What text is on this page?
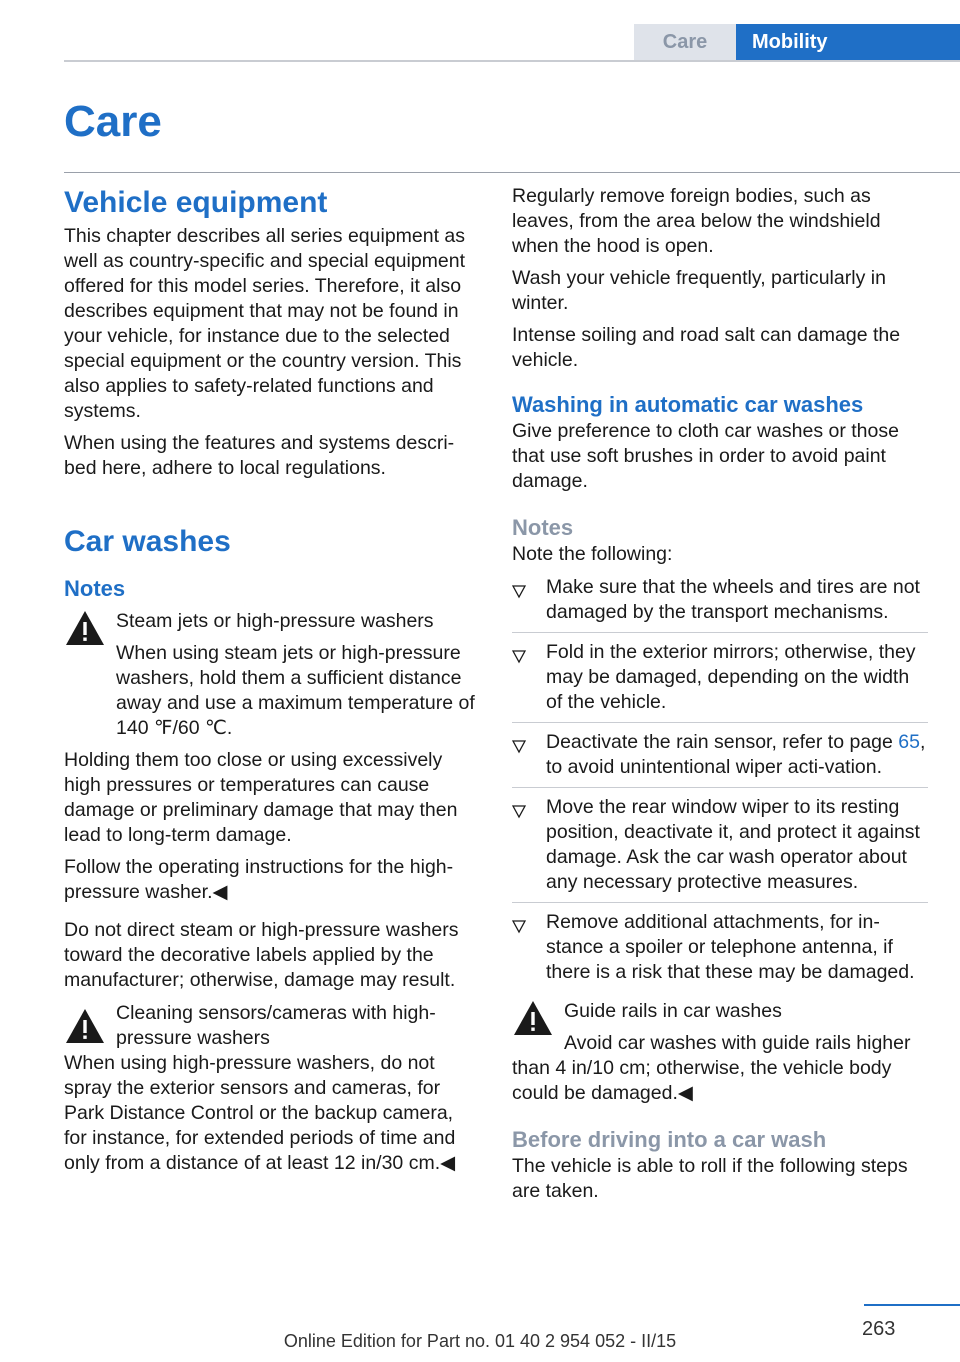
Care	Mobility
Care
Vehicle equipment

This chapter describes all series equipment as well as country-specific and special equipment offered for this model series. Therefore, it also describes equipment that may not be found in your vehicle, for instance due to the selected special equipment or the country version. This also applies to safety-related functions and systems.

When using the features and systems descri‐bed here, adhere to local regulations.

Car washes
Notes

Steam jets or high-pressure washers

When using steam jets or high-pressure washers, hold them a sufficient distance away and use a maximum temperature of 140 ℉/60 ℃.

Holding them too close or using excessively high pressures or temperatures can cause damage or preliminary damage that may then lead to long-term damage.

Follow the operating instructions for the high-pressure washer.◀

Do not direct steam or high-pressure washers toward the decorative labels applied by the manufacturer; otherwise, damage may result.

Cleaning sensors/cameras with high-pressure washers

When using high-pressure washers, do not spray the exterior sensors and cameras, for Park Distance Control or the backup camera, for instance, for extended periods of time and only from a distance of at least 12 in/30 cm.◀

Regularly remove foreign bodies, such as leaves, from the area below the windshield when the hood is open.

Wash your vehicle frequently, particularly in winter.

Intense soiling and road salt can damage the vehicle.

Washing in automatic car washes

Give preference to cloth car washes or those that use soft brushes in order to avoid paint damage.

Notes

Note the following:

Make sure that the wheels and tires are not damaged by the transport mechanisms.
Fold in the exterior mirrors; otherwise, they may be damaged, depending on the width of the vehicle.
Deactivate the rain sensor, refer to page 65, to avoid unintentional wiper acti‐vation.
Move the rear window wiper to its resting position, deactivate it, and protect it against damage. Ask the car wash operator about any necessary protective measures.
Remove additional attachments, for in‐stance a spoiler or telephone antenna, if there is a risk that these may be damaged.

Guide rails in car washes

Avoid car washes with guide rails higher than 4 in/10 cm; otherwise, the vehicle body could be damaged.◀

Before driving into a car wash

The vehicle is able to roll if the following steps are taken.

263
Online Edition for Part no. 01 40 2 954 052 - II/15
